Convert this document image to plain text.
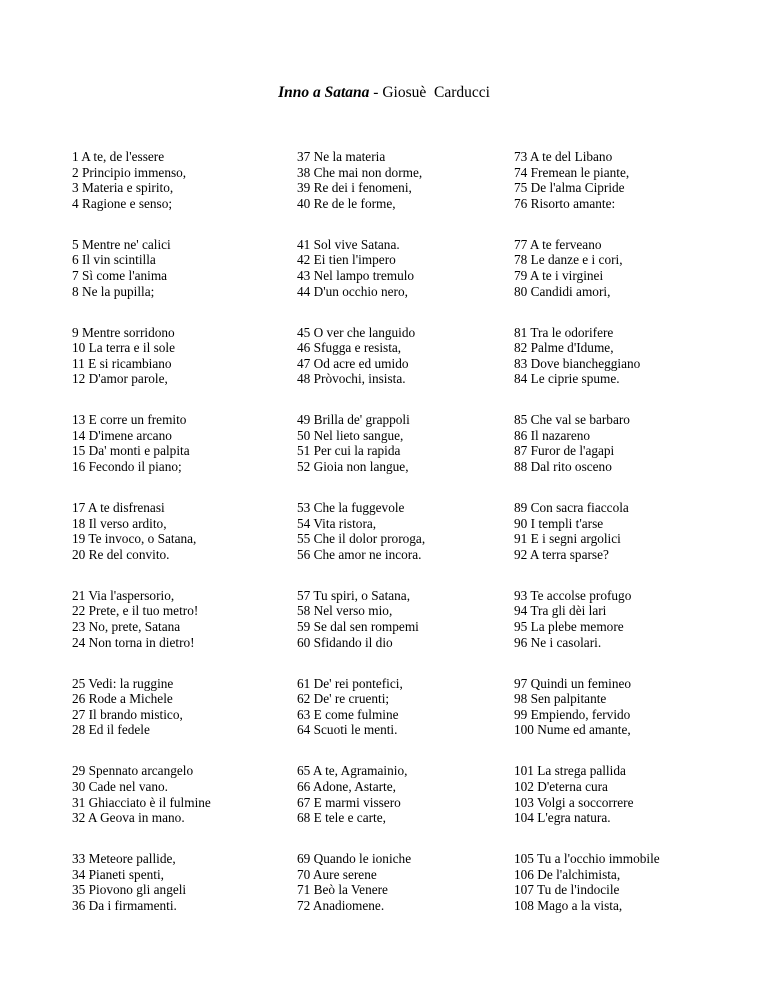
Inno a Satana - Giosuè  Carducci
1 A te, de l'essere
2 Principio immenso,
3 Materia e spirito,
4 Ragione e senso;
5 Mentre ne' calici
6 Il vin scintilla
7 Sì come l'anima
8 Ne la pupilla;
9 Mentre sorridono
10 La terra e il sole
11 E si ricambiano
12 D'amor parole,
13 E corre un fremito
14 D'imene arcano
15 Da' monti e palpita
16 Fecondo il piano;
17 A te disfrenasi
18 Il verso ardito,
19 Te invoco, o Satana,
20 Re del convito.
21 Via l'aspersorio,
22 Prete, e il tuo metro!
23 No, prete, Satana
24 Non torna in dietro!
25 Vedi: la ruggine
26 Rode a Michele
27 Il brando mistico,
28 Ed il fedele
29 Spennato arcangelo
30 Cade nel vano.
31 Ghiacciato è il fulmine
32 A Geova in mano.
33 Meteore pallide,
34 Pianeti spenti,
35 Piovono gli angeli
36 Da i firmamenti.
37 Ne la materia
38 Che mai non dorme,
39 Re dei i fenomeni,
40 Re de le forme,
41 Sol vive Satana.
42 Ei tien l'impero
43 Nel lampo tremulo
44 D'un occhio nero,
45 O ver che languido
46 Sfugga e resista,
47 Od acre ed umido
48 Pròvochi, insista.
49 Brilla de' grappoli
50 Nel lieto sangue,
51 Per cui la rapida
52 Gioia non langue,
53 Che la fuggevole
54 Vita ristora,
55 Che il dolor proroga,
56 Che amor ne incora.
57 Tu spiri, o Satana,
58 Nel verso mio,
59 Se dal sen rompemi
60 Sfidando il dio
61 De' rei pontefici,
62 De' re cruenti;
63 E come fulmine
64 Scuoti le menti.
65 A te, Agramainio,
66 Adone, Astarte,
67 E marmi vissero
68 E tele e carte,
69 Quando le ioniche
70 Aure serene
71 Beò la Venere
72 Anadiomene.
73 A te del Libano
74 Fremean le piante,
75 De l'alma Cipride
76 Risorto amante:
77 A te ferveano
78 Le danze e i cori,
79 A te i virginei
80 Candidi amori,
81 Tra le odorifere
82 Palme d'Idume,
83 Dove biancheggiano
84 Le ciprie spume.
85 Che val se barbaro
86 Il nazareno
87 Furor de l'agapi
88 Dal rito osceno
89 Con sacra fiaccola
90 I templi t'arse
91 E i segni argolici
92 A terra sparse?
93 Te accolse profugo
94 Tra gli dèi lari
95 La plebe memore
96 Ne i casolari.
97 Quindi un femineo
98 Sen palpitante
99 Empiendo, fervido
100 Nume ed amante,
101 La strega pallida
102 D'eterna cura
103 Volgi a soccorrere
104 L'egra natura.
105 Tu a l'occhio immobile
106 De l'alchimista,
107 Tu de l'indocile
108 Mago a la vista,
